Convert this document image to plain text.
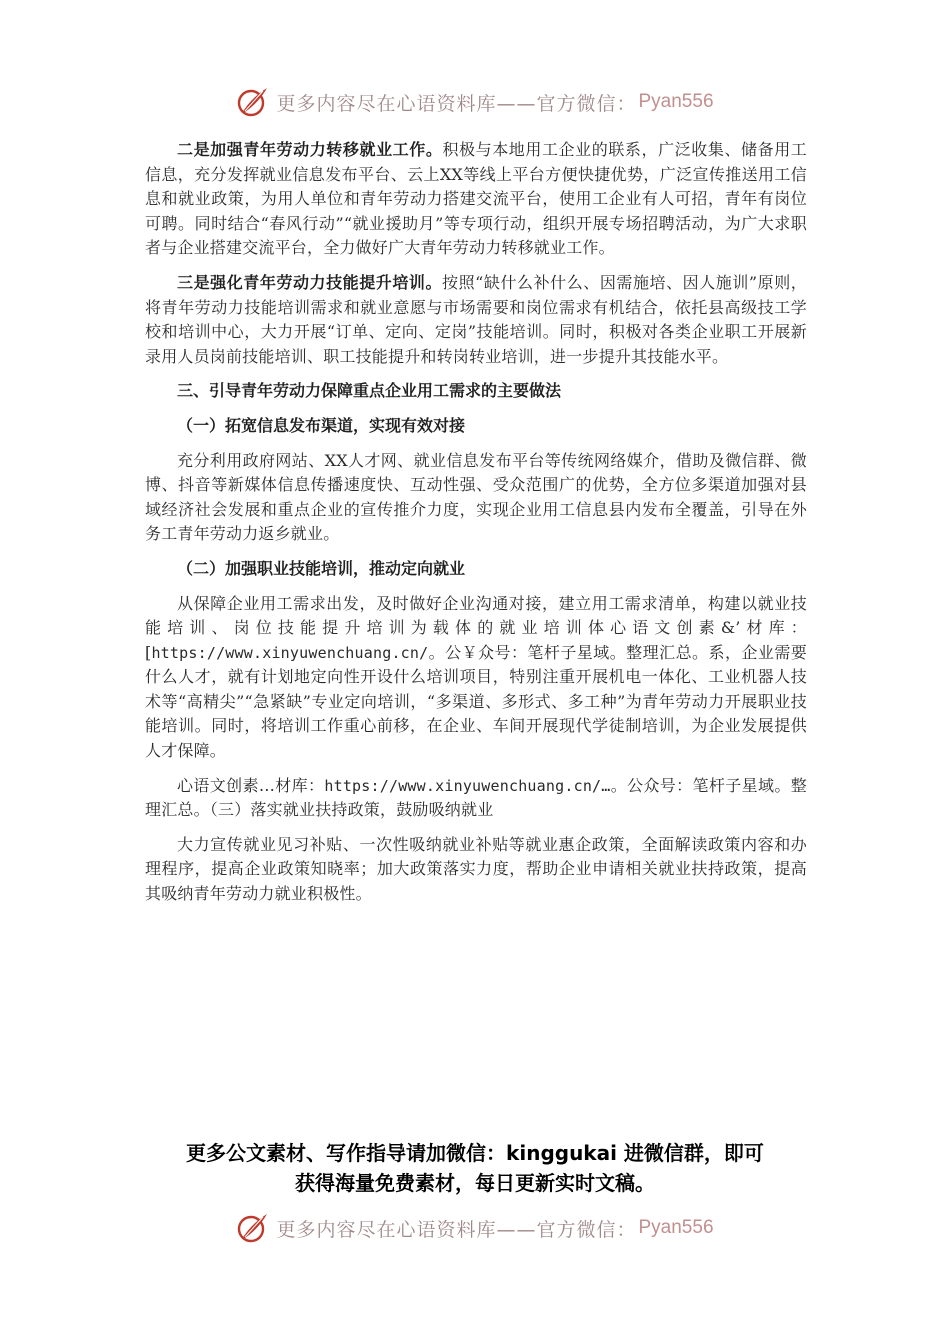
更多内容尽在心语资料库——官方微信： Pyan556

二是加强青年劳动力转移就业工作。积极与本地用工企业的联系，广泛收集、储备用工信息，充分发挥就业信息发布平台、云上XX等线上平台方便快捷优势，广泛宣传推送用工信息和就业政策，为用人单位和青年劳动力搭建交流平台，使用工企业有人可招，青年有岗位可聘。同时结合“春风行动”“就业援助月”等专项行动，组织开展专场招聘活动，为广大求职者与企业搭建交流平台，全力做好广大青年劳动力转移就业工作。

三是强化青年劳动力技能提升培训。按照“缺什么补什么、因需施培、因人施训”原则，将青年劳动力技能培训需求和就业意愿与市场需要和岗位需求有机结合，依托县高级技工学校和培训中心，大力开展“订单、定向、定岗”技能培训。同时，积极对各类企业职工开展新录用人员岗前技能培训、职工技能提升和转岗转业培训，进一步提升其技能水平。

三、引导青年劳动力保障重点企业用工需求的主要做法

（一）拓宽信息发布渠道，实现有效对接

充分利用政府网站、XX人才网、就业信息发布平台等传统网络媒介，借助及微信群、微博、抖音等新媒体信息传播速度快、互动性强、受众范围广的优势，全方位多渠道加强对县域经济社会发展和重点企业的宣传推介力度，实现企业用工信息县内发布全覆盖，引导在外务工青年劳动力返乡就业。

（二）加强职业技能培训，推动定向就业

从保障企业用工需求出发，及时做好企业沟通对接，建立用工需求清单，构建以就业技能培训、岗位技能提升培训为载体的就业培训体心语文创素&’材库：[https://www.xinyuwenchuang.cn/。公￥众号：笔杆子星域。整理汇总。系，企业需要什么人才，就有计划地定向性开设什么培训项目，特别注重开展机电一体化、工业机器人技术等“高精尖”“急紧缺”专业定向培训，“多渠道、多形式、多工种”为青年劳动力开展职业技能培训。同时，将培训工作重心前移，在企业、车间开展现代学徒制培训，为企业发展提供人才保障。

心语文创素…材库：https://www.xinyuwenchuang.cn/…。公众号：笔杆子星域。整理汇总。（三）落实就业扶持政策，鼓励吸纳就业

大力宣传就业见习补贴、一次性吸纳就业补贴等就业惠企政策，全面解读政策内容和办理程序，提高企业政策知晓率；加大政策落实力度，帮助企业申请相关就业扶持政策，提高其吸纳青年劳动力就业积极性。

更多公文素材、写作指导请加微信：kinggukai 进微信群，即可
获得海量免费素材，每日更新实时文稿。
更多内容尽在心语资料库——官方微信： Pyan556
